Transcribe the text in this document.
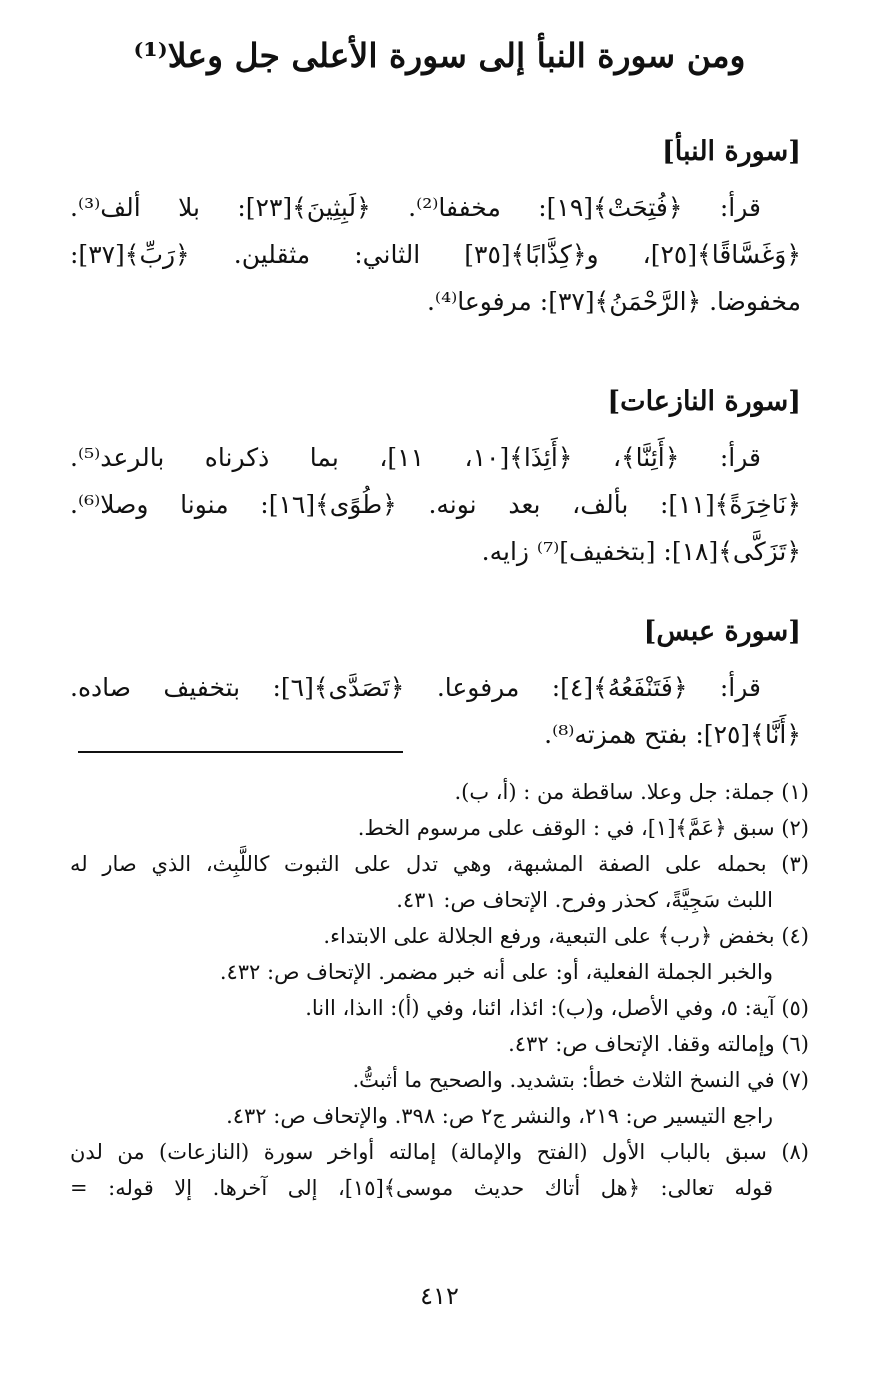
ومن سورة النبأ إلى سورة الأعلى جل وعلا⁽¹⁾

[سورة النبأ]

قرأ: ﴿فُتِحَتْ﴾[١٩]: مخففا⁽²⁾. ﴿لَبِثِينَ﴾[٢٣]: بلا ألف⁽³⁾.

﴿وَغَسَّاقًا﴾[٢٥]، و﴿كِذَّابًا﴾[٣٥] الثاني: مثقلين. ﴿رَبِّ﴾[٣٧]:

مخفوضا. ﴿الرَّحْمَنُ﴾[٣٧]: مرفوعا⁽⁴⁾.

[سورة النازعات]

قرأ: ﴿أَئِنَّا﴾، ﴿أَئِذَا﴾[١٠، ١١]، بما ذكرناه بالرعد⁽⁵⁾.

﴿نَاخِرَةً﴾[١١]: بألف، بعد نونه. ﴿طُوًى﴾[١٦]: منونا وصلا⁽⁶⁾.

﴿تَزَكَّى﴾[١٨]: [بتخفيف]⁽⁷⁾ زايه.

[سورة عبس]

قرأ: ﴿فَتَنْفَعُهُ﴾[٤]: مرفوعا. ﴿تَصَدَّى﴾[٦]: بتخفيف صاده.

﴿أَنَّا﴾[٢٥]: بفتح همزته⁽⁸⁾.

(١) جملة: جل وعلا. ساقطة من : (أ، ب).

(٢) سبق ﴿عَمَّ﴾[١]، في : الوقف على مرسوم الخط.

(٣) بحمله على الصفة المشبهة، وهي تدل على الثبوت كاللَّبِث، الذي صار له

اللبث سَجِيَّةً، كحذر وفرح. الإتحاف ص: ٤٣١.

(٤) بخفض ﴿رب﴾ على التبعية، ورفع الجلالة على الابتداء.

والخبر الجملة الفعلية، أو: على أنه خبر مضمر. الإتحاف ص: ٤٣٢.

(٥) آية: ٥، وفي الأصل، و(ب): ائذا، ائنا، وفي (أ): ااىذا، اانا.

(٦) وإمالته وقفا. الإتحاف ص: ٤٣٢.

(٧) في النسخ الثلاث خطأ: بتشديد. والصحيح ما أثبتُّ.

راجع التيسير ص: ٢١٩، والنشر ج٢ ص: ٣٩٨. والإتحاف ص: ٤٣٢.

(٨) سبق بالباب الأول (الفتح والإمالة) إمالته أواخر سورة (النازعات) من لدن

قوله تعالى: ﴿هل أتاك حديث موسى﴾[١٥]، إلى آخرها. إلا قوله: =

٤١٢
